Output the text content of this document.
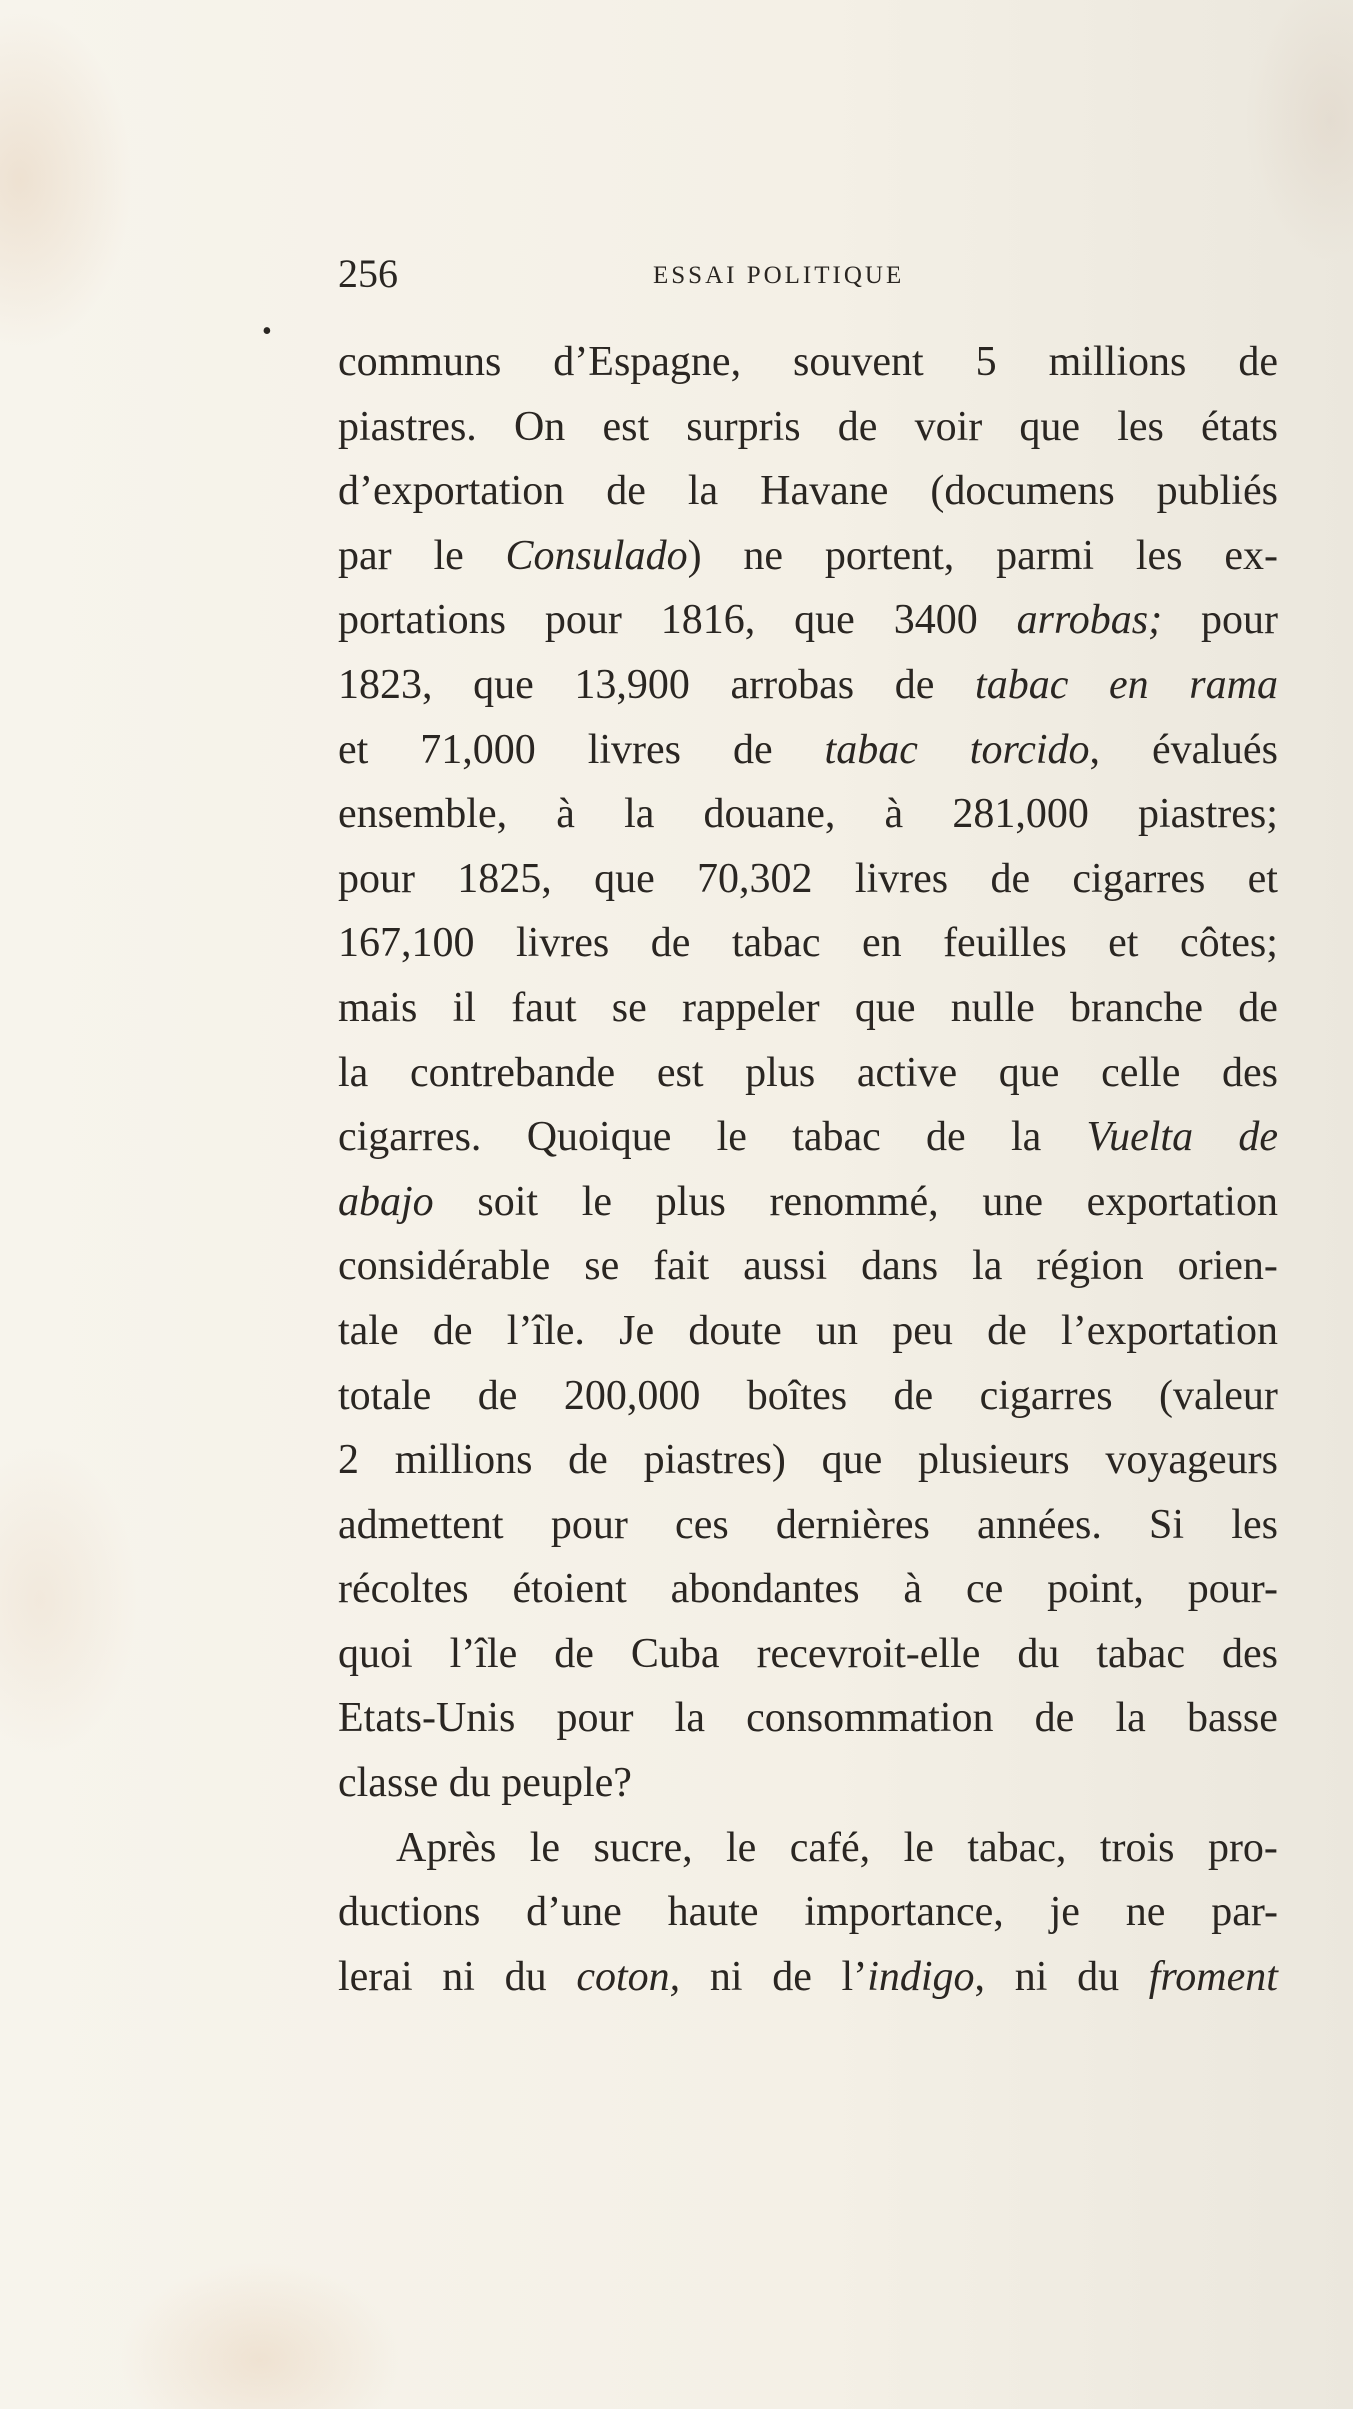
256	ESSAI POLITIQUE
•
communs d’Espagne, souvent 5 millions de
piastres. On est surpris de voir que les états
d’exportation de la Havane (documens publiés
par le Consulado) ne portent, parmi les ex-
portations pour 1816, que 3400 arrobas; pour
1823, que 13,900 arrobas de tabac en rama
et 71,000 livres de tabac torcido, évalués
ensemble, à la douane, à 281,000 piastres;
pour 1825, que 70,302 livres de cigarres et
167,100 livres de tabac en feuilles et côtes;
mais il faut se rappeler que nulle branche de
la contrebande est plus active que celle des
cigarres. Quoique le tabac de la Vuelta de
abajo soit le plus renommé, une exportation
considérable se fait aussi dans la région orien-
tale de l’île. Je doute un peu de l’exportation
totale de 200,000 boîtes de cigarres (valeur
2 millions de piastres) que plusieurs voyageurs
admettent pour ces dernières années. Si les
récoltes étoient abondantes à ce point, pour-
quoi l’île de Cuba recevroit-elle du tabac des
Etats-Unis pour la consommation de la basse
classe
du
peuple?
Après le sucre, le café, le tabac, trois pro-
ductions d’une haute importance, je ne par-
lerai ni du coton, ni de l’indigo, ni du froment
